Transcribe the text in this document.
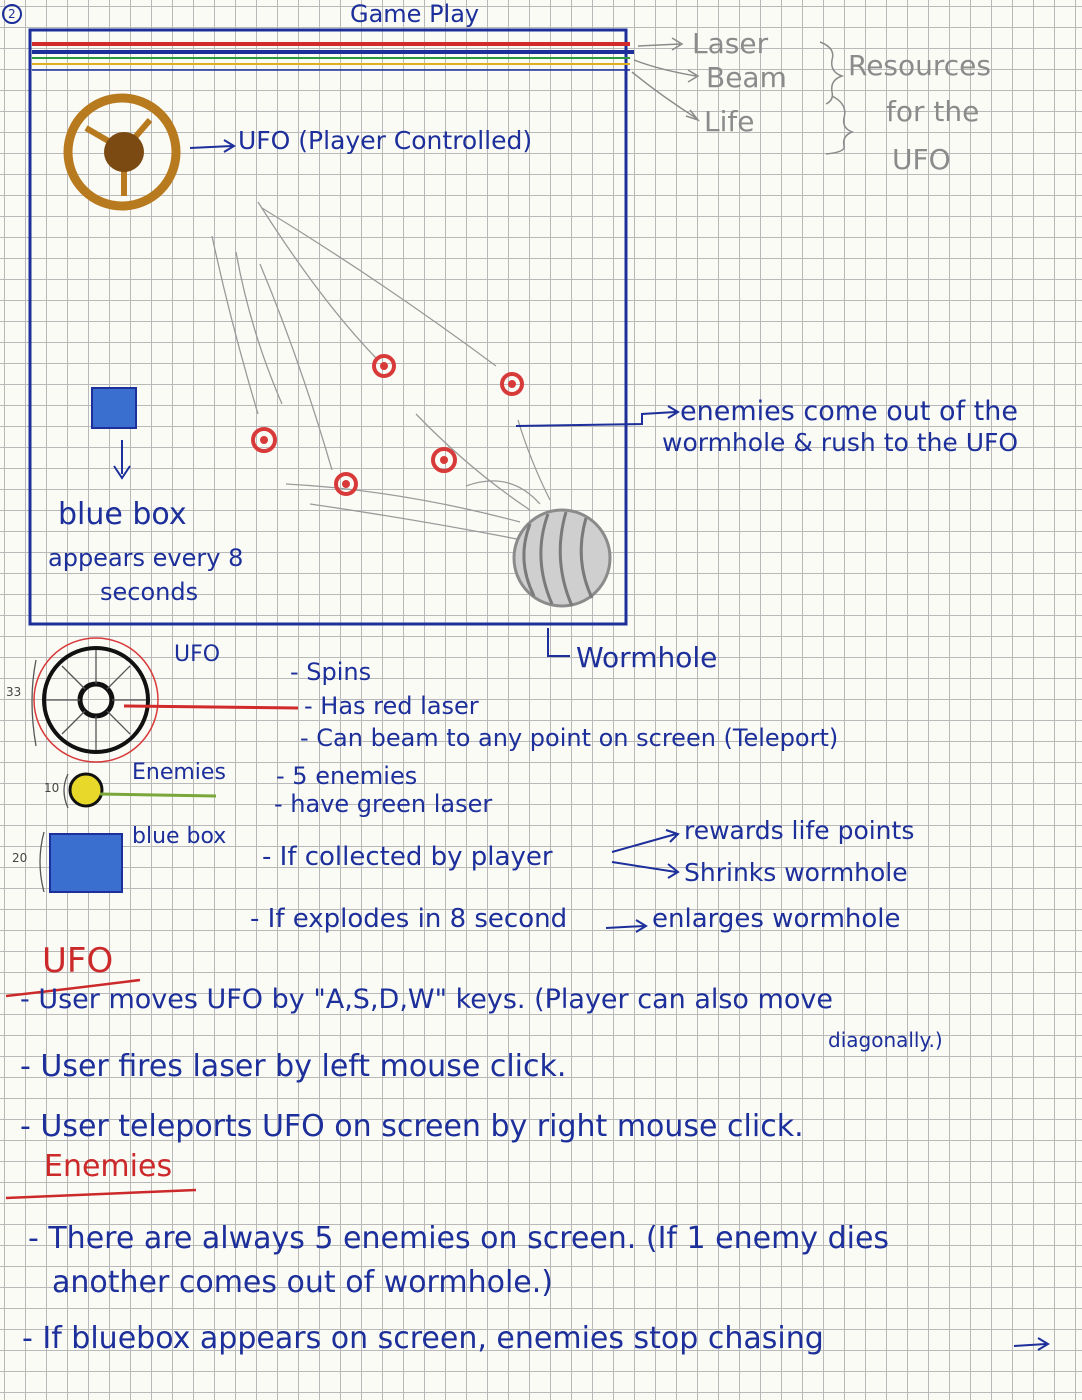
2	Game Play
Laser
Beam
Life
Resources
for the
UFO
UFO (Player Controlled)
enemies come out of the
wormhole & rush to the UFO
blue box
appears every 8
seconds
Wormhole
UFO
33
- Spins
- Has red laser
- Can beam to any point on screen (Teleport)
Enemies
10	- 5 enemies
- have green laser
blue box
20	- If collected by player
rewards life points
Shrinks wormhole
- If explodes in 8 second	enlarges wormhole
UFO
- User moves UFO by "A,S,D,W" keys. (Player can also move
diagonally.)
- User fires laser by left mouse click.
- User teleports UFO on screen by right mouse click.
Enemies
- There are always 5 enemies on screen. (If 1 enemy dies
another comes out of wormhole.)
- If bluebox appears on screen, enemies stop chasing
